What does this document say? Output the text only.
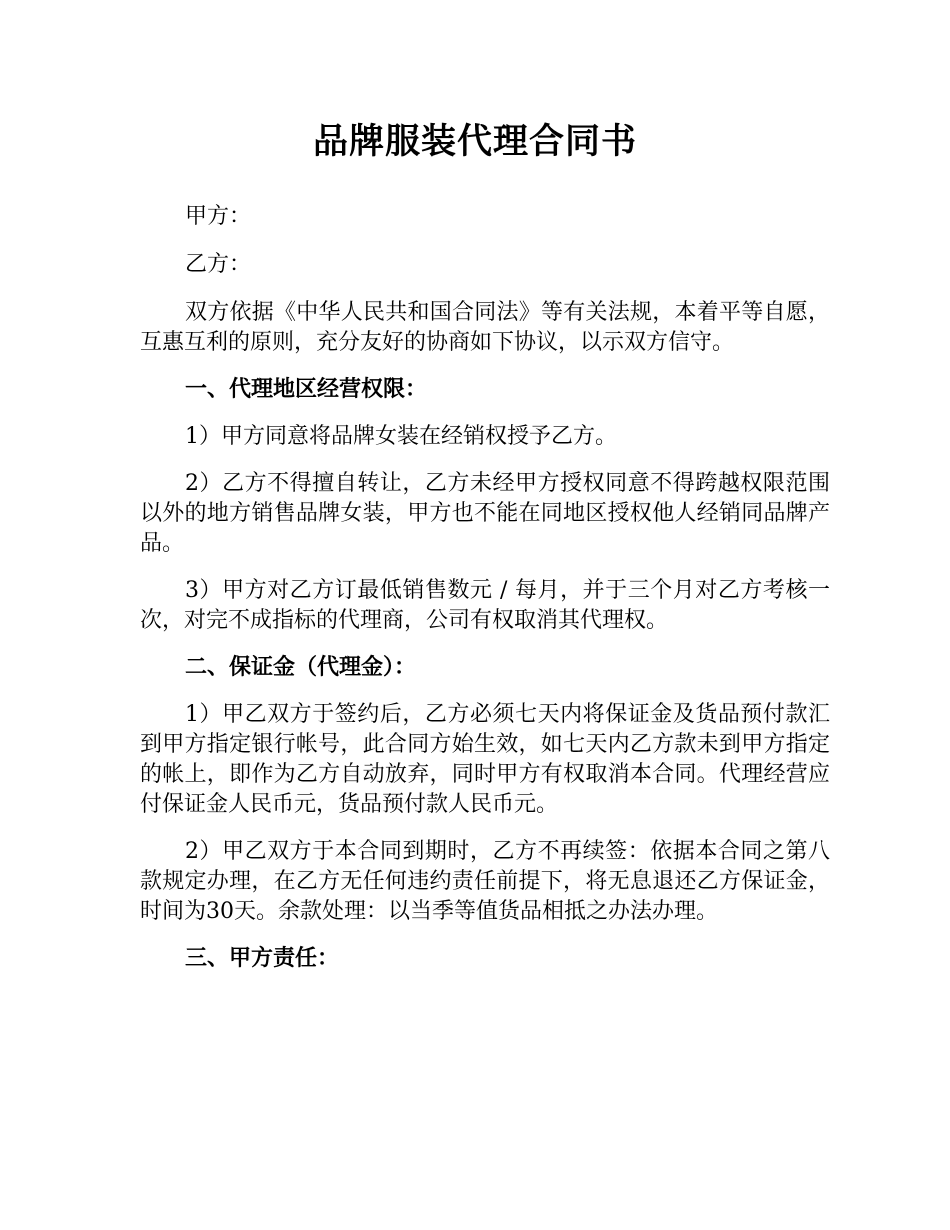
品牌服装代理合同书

甲方：

乙方：

双方依据《中华人民共和国合同法》等有关法规，本着平等自愿，互惠互利的原则，充分友好的协商如下协议，以示双方信守。

一、代理地区经营权限：

1）甲方同意将品牌女装在经销权授予乙方。

2）乙方不得擅自转让，乙方未经甲方授权同意不得跨越权限范围以外的地方销售品牌女装，甲方也不能在同地区授权他人经销同品牌产品。

3）甲方对乙方订最低销售数元 / 每月，并于三个月对乙方考核一次，对完不成指标的代理商，公司有权取消其代理权。

二、保证金（代理金）：

1）甲乙双方于签约后，乙方必须七天内将保证金及货品预付款汇到甲方指定银行帐号，此合同方始生效，如七天内乙方款未到甲方指定的帐上，即作为乙方自动放弃，同时甲方有权取消本合同。代理经营应付保证金人民币元，货品预付款人民币元。

2）甲乙双方于本合同到期时，乙方不再续签：依据本合同之第八款规定办理，在乙方无任何违约责任前提下，将无息退还乙方保证金，时间为30天。余款处理：以当季等值货品相抵之办法办理。

三、甲方责任：
